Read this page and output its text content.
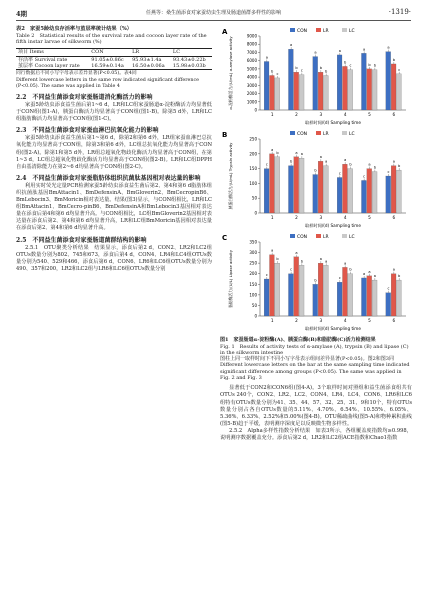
4期	任燕等：桑生菌添食对家蚕幼虫生理及肠道菌群多样性的影响	·1319·
表2　家蚕5龄幼虫存活率与茧层率统计结果（%）
Table 2　Statistical results of the survival rate and cocoon layer rate of the fifth instar larvae of silkworm (%)
项目 Items	CON	LR	LC
存活率 Survival rate	91.05±0.86c	95.93±1.4a	93.43±0.22b
茧层率 Cocoon layer rate	16.59±0.14a	16.50±0.06a	15.98±0.03b
同行数据后不同小写字母表示差异显著(P<0.05)。表4同
Different lowercase letters in the same row indicated significant difference (P<0.05). The same was applied in Table 4
2.2　不同益生菌添食对家蚕肠道消化酶活力的影响
家蚕5龄幼虫添食益生菌后第1~6 d，LR和LC组家蚕肠道α-淀粉酶活力均显著低于CON组(图1-A)，胰蛋白酶活力均显著高于CON组(图1-B)。除第5 d外，LR和LC组脂肪酶活力均显著高于CON组(图1-C)。
2.3　不同益生菌添食对家蚕血淋巴抗氧化能力的影响
家蚕5龄幼虫添食益生菌后第1~第6 d，除第2和第6 d外，LR组家蚕血淋巴总抗氧化能力均显著高于CON组，除第3和第6 d外，LC组总抗氧化能力均显著高于CON组(图2-A)。除第1和第5 d外，LR组总超氧化物歧化酶活力均显著高于CON组，在第1~3 d，LC组总超氧化物歧化酶活力均显著高于CON组(图2-B)。LR和LC组DPPH自由基清除能力在第2~6 d均显著高于CON组(图2-C)。
2.4　不同益生菌添食对家蚕脂肪体组织抗菌肽基因相对表达量的影响
利用实时荧光定量PCR检测家蚕5龄幼虫添食益生菌后第2、第4和第6 d脂肪体组织抗菌肽基因BmAttacin1、BmDefensinA、BmGloverin2、BmCecropinB6、BmLebocin3、BmMoricin相对表达量。结果(图3)显示，与CON组相比，LR和LC组BmAttacin1、BmCecro-pinB6、BmDefensinA和BmLebocin3基因相对表达量在添食后第4和第6 d均显著升高。与CON组相比，LC组BmGloverin2基因相对表达量在添食后第2、第4和第6 d均显著升高，LR和LC组BmMoricin基因相对表达量在添食后第2、第4和第6 d均显著升高。
2.5　不同益生菌添食对家蚕肠道菌群结构的影响
2.5.1　OTU聚类分析结果　结果显示，添食后第2 d，CON2、LR2和LC2组OTUs数量分别为802、745和673，添食后第4 d，CON4、LR4和LC4组OTUs数量分别为540、529和466，添食后第6 d，CON6、LR6和LC6组OTUs数量分别为490、357和200，LR2和LC2组与LR6和LC6组OTUs数量分别
A	CON	LR	LC
0
1000
2000
3000
4000
5000
6000
7000
8000
9000
α-淀粉酶活力/(U/mL) α-amylase activity	a
b
c
1
a
b
c
2
a
b
b
3
a
b
c
4
a
b b
5
a
b
c
6
取样时间/(d) Sampling time

B	CON	LR	LC
0
50
100
150
200
250
胰蛋白酶活力/(U/mL) Trypsin activity	c
a
b
1
b
a a
2
b
a
a
3
c
a
b
4
c
a
b
5
c
a
b
6
取样时间/(d) Sampling time

C	CON	LR	LC
0
50
100
150
200
250
300
350
脂肪酶活力/(U/L) Lipase activity	c
a
b
1
c
a
b
2
b
a
a
3
c
a
b
4
a
a
a
5
c
a
b
6
取样时间/(d) Sampling time
图1　家蚕肠道α-淀粉酶(A)、胰蛋白酶(B)和脂肪酶(C)活力检测结果
Fig. 1　Results of activity tests of α-amylase (A), trypsin (B) and lipase (C) in the silkworm intestine
图柱上同一取样时间下不同小写字母表示组间差异显著(P<0.05)。图2和图3同
Different lowercase letters on the bar at the same sampling time indicated significant difference among groups (P<0.05). The same was applied in Fig. 2 and Fig. 3
显著低于CON2和CON6组(图4-A)。3个取样时间对照组和益生菌添食组共有OTUs 240个，CON2、LR2、LC2、CON4、LR4、LC4、CON6、LR6和LC6组特有OTUs数量分别为41、35、44、57、32、25、31、9和10个，特有OTUs数量分别占各自OTUs数量的5.11%、4.70%、6.54%、10.55%、6.05%、5.36%、6.33%、2.52%和5.00%(图4-B)。OTU稀疏曲线(图5-A)和物种累积曲线(图5-B)趋于平缓，表明测序深度足以反映微生物多样性。
2.5.2　Alpha多样性指数分析结果　如表3所示，各组覆盖度指数均≥0.998，说明测序数据覆盖充分。添食后第2 d，LR2和LC2组ACE指数和Chao1指数
